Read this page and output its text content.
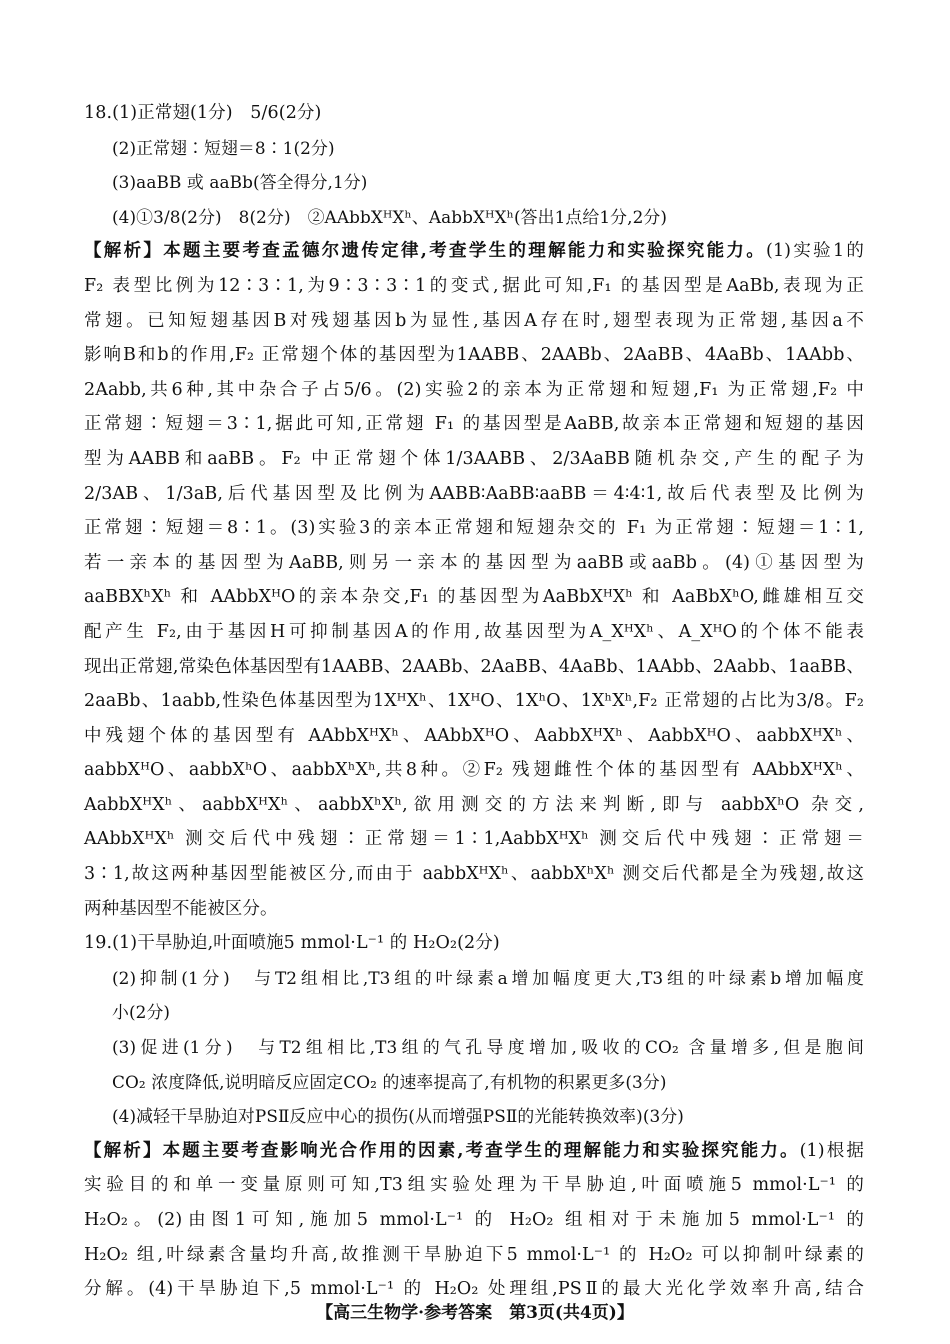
18.(1)正常翅(1分)　5/6(2分)
(2)正常翅∶短翅＝8∶1(2分)
(3)aaBB 或 aaBb(答全得分,1分)
(4)①3/8(2分)　8(2分)　②AAbbXᴴXʰ、AabbXᴴXʰ(答出1点给1分,2分)
【解析】本题主要考查孟德尔遗传定律,考查学生的理解能力和实验探究能力。(1)实验1的
F₂ 表型比例为12∶3∶1,为9∶3∶3∶1的变式,据此可知,F₁ 的基因型是AaBb,表现为正
常翅。已知短翅基因B对残翅基因b为显性,基因A存在时,翅型表现为正常翅,基因a不
影响B和b的作用,F₂ 正常翅个体的基因型为1AABB、2AABb、2AaBB、4AaBb、1AAbb、
2Aabb,共6种,其中杂合子占5/6。(2)实验2的亲本为正常翅和短翅,F₁ 为正常翅,F₂ 中
正常翅∶短翅＝3∶1,据此可知,正常翅 F₁ 的基因型是AaBB,故亲本正常翅和短翅的基因
型为AABB和aaBB。F₂ 中正常翅个体1/3AABB、2/3AaBB随机杂交,产生的配子为
2/3AB、1/3aB,后代基因型及比例为AABB∶AaBB∶aaBB＝4∶4∶1,故后代表型及比例为
正常翅∶短翅＝8∶1。(3)实验3的亲本正常翅和短翅杂交的 F₁ 为正常翅∶短翅＝1∶1,
若一亲本的基因型为AaBB,则另一亲本的基因型为aaBB或aaBb。(4)①基因型为
aaBBXʰXʰ 和 AAbbXᴴO的亲本杂交,F₁ 的基因型为AaBbXᴴXʰ 和 AaBbXʰO,雌雄相互交
配产生 F₂,由于基因H可抑制基因A的作用,故基因型为A_XᴴXʰ、A_XᴴO的个体不能表
现出正常翅,常染色体基因型有1AABB、2AABb、2AaBB、4AaBb、1AAbb、2Aabb、1aaBB、
2aaBb、1aabb,性染色体基因型为1XᴴXʰ、1XᴴO、1XʰO、1XʰXʰ,F₂ 正常翅的占比为3/8。F₂
中残翅个体的基因型有 AAbbXᴴXʰ、AAbbXᴴO、AabbXᴴXʰ、AabbXᴴO、aabbXᴴXʰ、
aabbXᴴO、aabbXʰO、aabbXʰXʰ,共8种。②F₂ 残翅雌性个体的基因型有 AAbbXᴴXʰ、
AabbXᴴXʰ、aabbXᴴXʰ、aabbXʰXʰ,欲用测交的方法来判断,即与 aabbXʰO 杂交,
AAbbXᴴXʰ 测交后代中残翅∶正常翅＝1∶1,AabbXᴴXʰ 测交后代中残翅∶正常翅＝
3∶1,故这两种基因型能被区分,而由于 aabbXᴴXʰ、aabbXʰXʰ 测交后代都是全为残翅,故这
两种基因型不能被区分。
19.(1)干旱胁迫,叶面喷施5 mmol·L⁻¹ 的 H₂O₂(2分)
(2)抑制(1分)　与T2组相比,T3组的叶绿素a增加幅度更大,T3组的叶绿素b增加幅度
小(2分)
(3)促进(1分)　与T2组相比,T3组的气孔导度增加,吸收的CO₂ 含量增多,但是胞间
CO₂ 浓度降低,说明暗反应固定CO₂ 的速率提高了,有机物的积累更多(3分)
(4)减轻干旱胁迫对PSⅡ反应中心的损伤(从而增强PSⅡ的光能转换效率)(3分)
【解析】本题主要考查影响光合作用的因素,考查学生的理解能力和实验探究能力。(1)根据
实验目的和单一变量原则可知,T3组实验处理为干旱胁迫,叶面喷施5 mmol·L⁻¹ 的
H₂O₂。(2)由图1可知,施加5 mmol·L⁻¹ 的 H₂O₂ 组相对于未施加5 mmol·L⁻¹ 的
H₂O₂ 组,叶绿素含量均升高,故推测干旱胁迫下5 mmol·L⁻¹ 的 H₂O₂ 可以抑制叶绿素的
分解。(4)干旱胁迫下,5 mmol·L⁻¹ 的 H₂O₂ 处理组,PSⅡ的最大光化学效率升高,结合
【高三生物学·参考答案　第3页(共4页)】
